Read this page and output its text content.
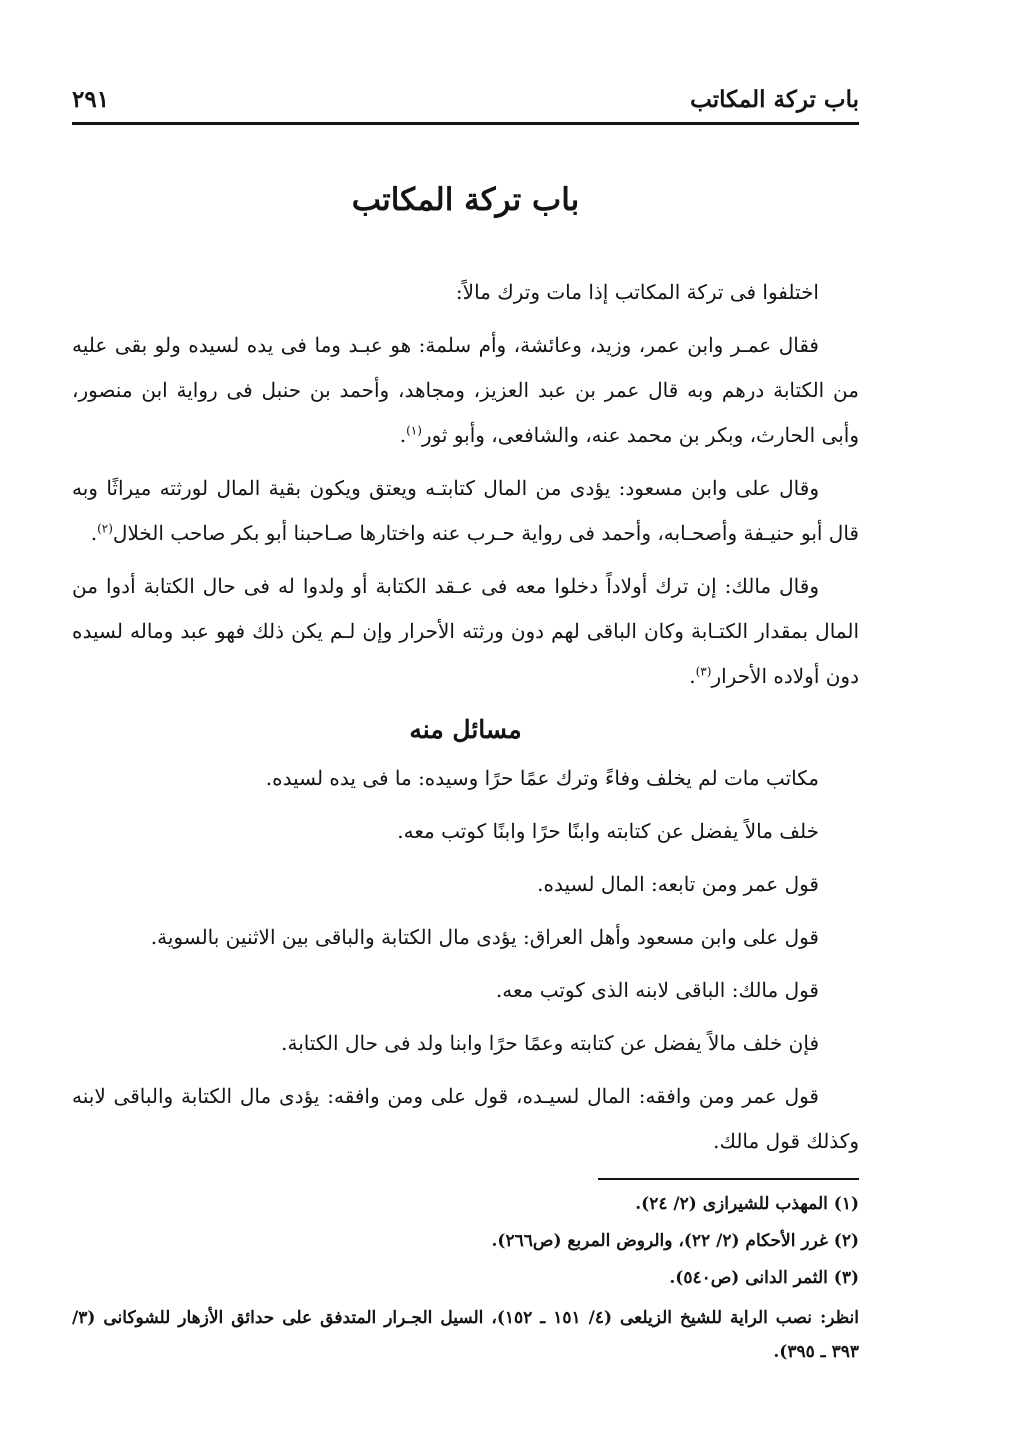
باب تركة المكاتب
٢٩١
باب تركة المكاتب

اختلفوا فى تركة المكاتب إذا مات وترك مالاً:

فقال عمـر وابن عمر، وزيد، وعائشة، وأم سلمة: هو عبـد وما فى يده لسيده ولو بقى عليه من الكتابة درهم وبه قال عمر بن عبد العزيز، ومجاهد، وأحمد بن حنبل فى رواية ابن منصور، وأبى الحارث، وبكر بن محمد عنه، والشافعى، وأبو ثور$^{(١)}$.

وقال على وابن مسعود: يؤدى من المال كتابتـه ويعتق ويكون بقية المال لورثته ميراثًا وبه قال أبو حنيـفة وأصحـابه، وأحمد فى رواية حـرب عنه واختارها صـاحبنا أبو بكر صاحب الخلال$^{(٢)}$.

وقال مالك: إن ترك أولاداً دخلوا معه فى عـقد الكتابة أو ولدوا له فى حال الكتابة أدوا من المال بمقدار الكتـابة وكان الباقى لهم دون ورثته الأحرار وإن لـم يكن ذلك فهو عبد وماله لسيده دون أولاده الأحرار$^{(٣)}$.

مسائل منه

مكاتب مات لم يخلف وفاءً وترك عمًا حرًا وسيده: ما فى يده لسيده.

خلف مالاً يفضل عن كتابته وابنًا حرًا وابنًا كوتب معه.

قول عمر ومن تابعه: المال لسيده.

قول على وابن مسعود وأهل العراق: يؤدى مال الكتابة والباقى بين الاثنين بالسوية.

قول مالك: الباقى لابنه الذى كوتب معه.

فإن خلف مالاً يفضل عن كتابته وعمًا حرًا وابنا ولد فى حال الكتابة.

قول عمر ومن وافقه: المال لسيـده، قول على ومن وافقه: يؤدى مال الكتابة والباقى لابنه وكذلك قول مالك.

(١) المهذب للشيرازى (٢/ ٢٤).

(٢) غرر الأحكام (٢/ ٢٢)، والروض المربع (ص٢٦٦).

(٣) الثمر الدانى (ص٥٤٠).

انظر: نصب الراية للشيخ الزيلعى (٤/ ١٥١ ـ ١٥٢)، السيل الجـرار المتدفق على حدائق الأزهار للشوكانى (٣/ ٣٩٣ ـ ٣٩٥).
